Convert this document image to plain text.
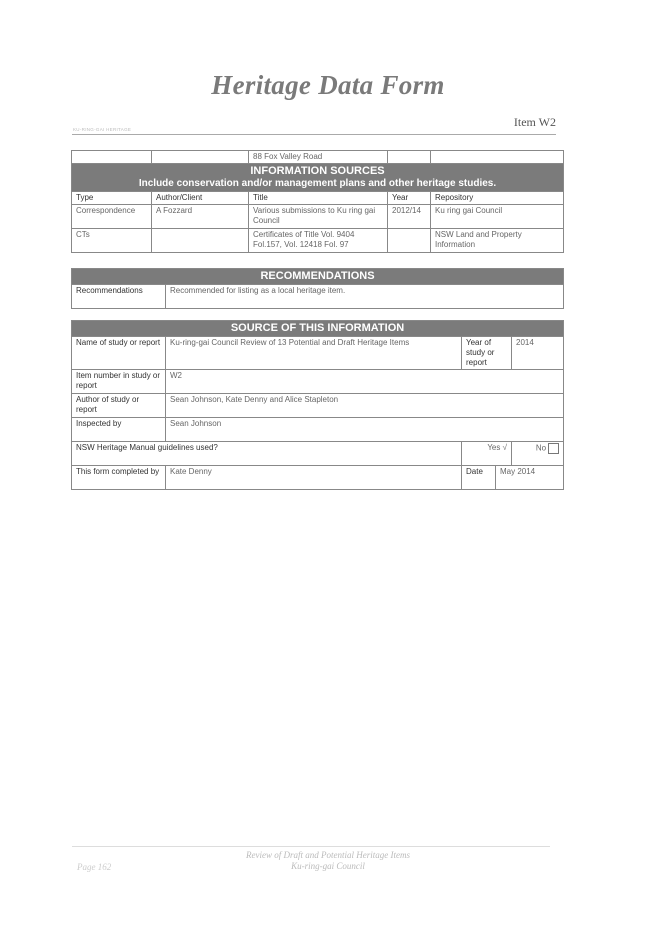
Heritage Data Form
Item W2
KU-RING-GAI HERITAGE
		88 Fox Valley Road		

INFORMATION SOURCES
Include conservation and/or management plans and other heritage studies.				

Type	Author/Client	Title	Year	Repository
Correspondence	A Fozzard	Various submissions to Ku ring gai Council	2012/14	Ku ring gai Council
CTs		Certificates of Title Vol. 9404 Fol.157, Vol. 12418 Fol. 97		NSW Land and Property Information
RECOMMENDATIONS

Recommendations	Recommended for listing as a local heritage item.
SOURCE OF THIS INFORMATION				

Name of study or report	Ku-ring-gai Council Review of 13 Potential and Draft Heritage Items	Year of study or report		2014
Item number in study or report	W2			
Author of study or report	Sean Johnson, Kate Denny and Alice Stapleton			
Inspected by	Sean Johnson			
NSW Heritage Manual guidelines used?		Yes √		No
This form completed by	Kate Denny	Date	May 2014	
Review of Draft and Potential Heritage Items
Ku-ring-gai Council
Page 162
